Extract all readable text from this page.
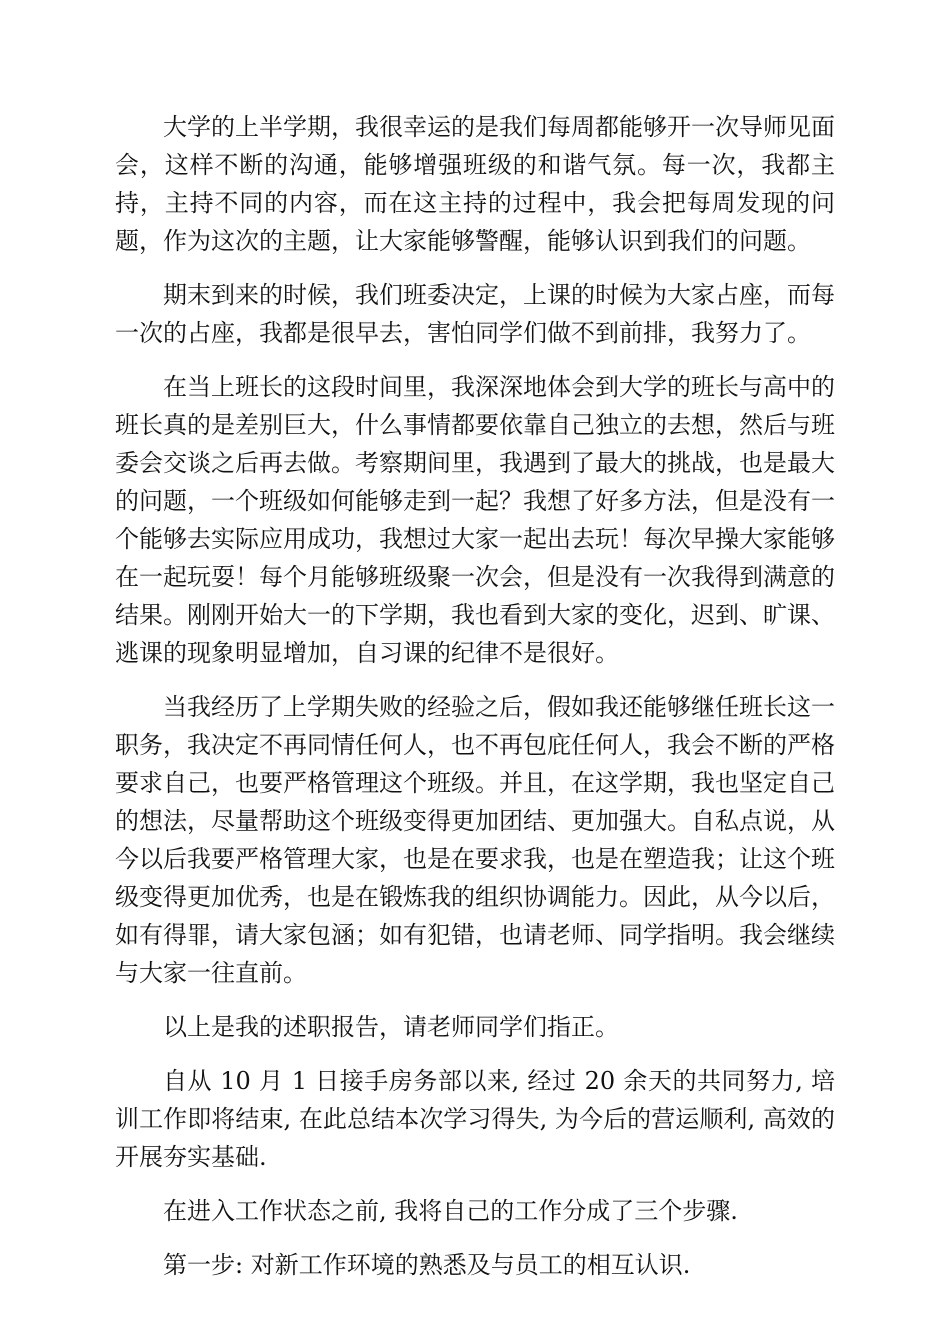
大学的上半学期，我很幸运的是我们每周都能够开一次导师见面会，这样不断的沟通，能够增强班级的和谐气氛。每一次，我都主持，主持不同的内容，而在这主持的过程中，我会把每周发现的问题，作为这次的主题，让大家能够警醒，能够认识到我们的问题。

期末到来的时候，我们班委决定，上课的时候为大家占座，而每一次的占座，我都是很早去，害怕同学们做不到前排，我努力了。

在当上班长的这段时间里，我深深地体会到大学的班长与高中的班长真的是差别巨大，什么事情都要依靠自己独立的去想，然后与班委会交谈之后再去做。考察期间里，我遇到了最大的挑战，也是最大的问题，一个班级如何能够走到一起？我想了好多方法，但是没有一个能够去实际应用成功，我想过大家一起出去玩！每次早操大家能够在一起玩耍！每个月能够班级聚一次会，但是没有一次我得到满意的结果。刚刚开始大一的下学期，我也看到大家的变化，迟到、旷课、逃课的现象明显增加，自习课的纪律不是很好。

当我经历了上学期失败的经验之后，假如我还能够继任班长这一职务，我决定不再同情任何人，也不再包庇任何人，我会不断的严格要求自己，也要严格管理这个班级。并且，在这学期，我也坚定自己的想法，尽量帮助这个班级变得更加团结、更加强大。自私点说，从今以后我要严格管理大家，也是在要求我，也是在塑造我；让这个班级变得更加优秀，也是在锻炼我的组织协调能力。因此，从今以后，如有得罪，请大家包涵；如有犯错，也请老师、同学指明。我会继续与大家一往直前。

以上是我的述职报告，请老师同学们指正。

自从 10 月 1 日接手房务部以来, 经过 20 余天的共同努力, 培训工作即将结束, 在此总结本次学习得失, 为今后的营运顺利, 高效的开展夯实基础.

在进入工作状态之前, 我将自己的工作分成了三个步骤.

第一步: 对新工作环境的熟悉及与员工的相互认识.
